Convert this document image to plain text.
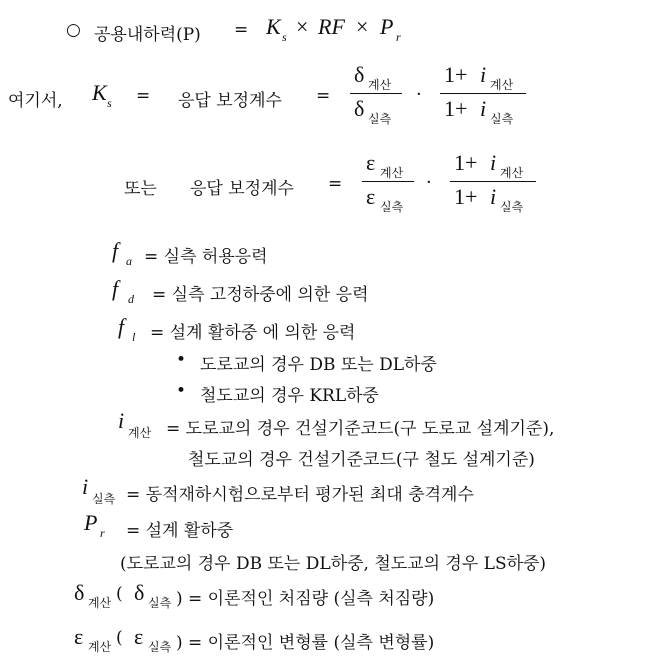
○ 공용내하력(P) = K s × RF × P r
여기서, K s = 응답 보정계수 =
δ 계산
δ 실측
·
1+ i 계산
1+ i 실측
또는 응답 보정계수 =
ε 계산
ε 실측
·
1+ i 계산
1+ i 실측
f a = 실측 허용응력
f d = 실측 고정하중에 의한 응력
f l = 설계 활하중 에 의한 응력
• 도로교의 경우 DB 또는 DL하중
• 철도교의 경우 KRL하중
i 계산 = 도로교의 경우 건설기준코드(구 도로교 설계기준),
철도교의 경우 건설기준코드(구 철도 설계기준)
i 실측 = 동적재하시험으로부터 평가된 최대 충격계수
P r = 설계 활하중
(도로교의 경우 DB 또는 DL하중, 철도교의 경우 LS하중)
δ 계산 ( δ 실측 ) = 이론적인 처짐량 (실측 처짐량)
ε 계산 ( ε 실측 ) = 이론적인 변형률 (실측 변형률)
